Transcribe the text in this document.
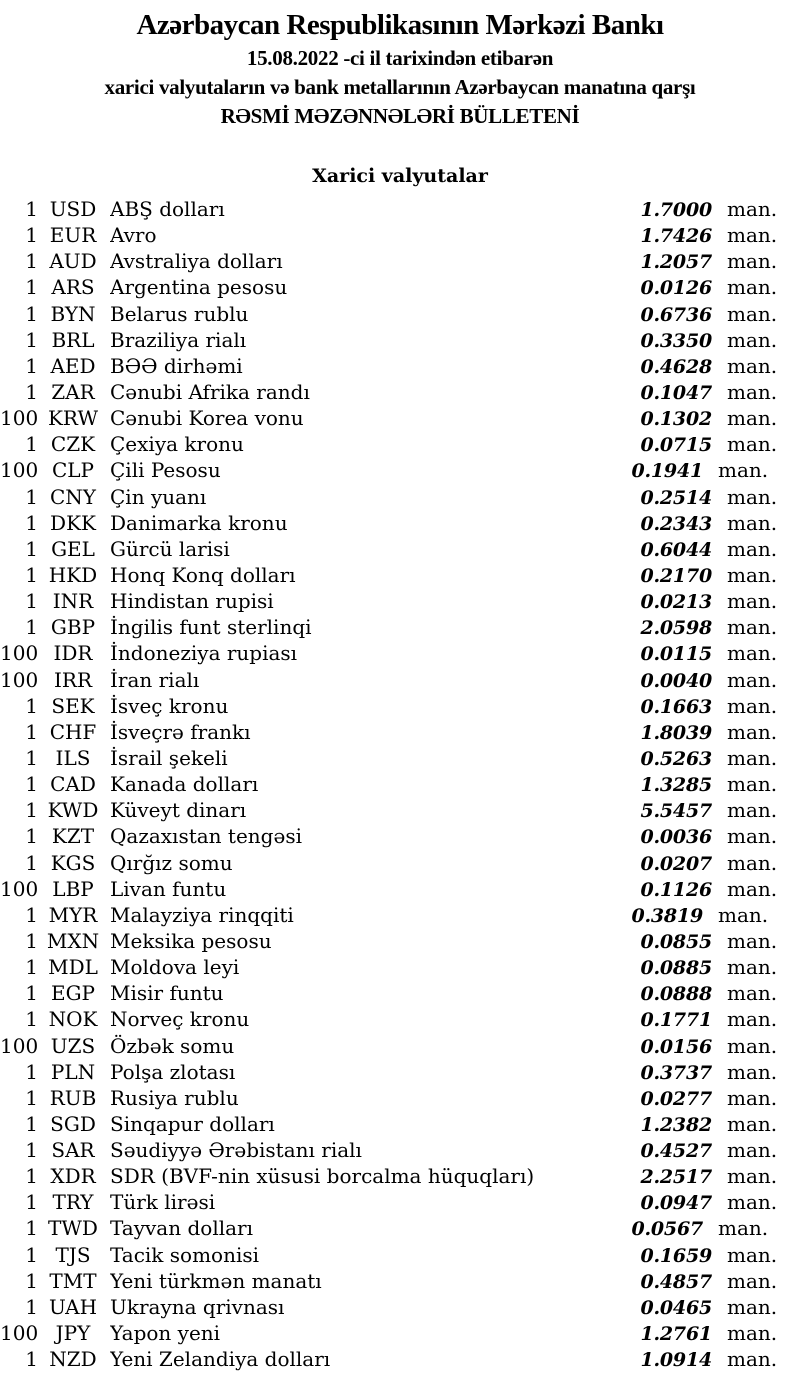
Azərbaycan Respublikasının Mərkəzi Bankı
15.08.2022 -ci il tarixindən etibarən
xarici valyutaların və bank metallarının Azərbaycan manatına qarşı
RƏSMİ MƏZƏNNƏLƏRİ BÜLLETENİ
Xarici valyutalar
1 USD ABŞ dolları	1.7000 man.
1 EUR Avro	1.7426 man.
1 AUD Avstraliya dolları	1.2057 man.
1 ARS Argentina pesosu	0.0126 man.
1 BYN Belarus rublu	0.6736 man.
1 BRL Braziliya rialı	0.3350 man.
1 AED BƏƏ dirhəmi	0.4628 man.
1 ZAR Cənubi Afrika randı	0.1047 man.
100 KRW Cənubi Korea vonu	0.1302 man.
1 CZK Çexiya kronu	0.0715 man.
100 CLP Çili Pesosu	0.1941 man.
1 CNY Çin yuanı	0.2514 man.
1 DKK Danimarka kronu	0.2343 man.
1 GEL Gürcü larisi	0.6044 man.
1 HKD Honq Konq dolları	0.2170 man.
1 INR Hindistan rupisi	0.0213 man.
1 GBP İngilis funt sterlinqi	2.0598 man.
100 IDR İndoneziya rupiası	0.0115 man.
100 IRR İran rialı	0.0040 man.
1 SEK İsveç kronu	0.1663 man.
1 CHF İsveçrə frankı	1.8039 man.
1 ILS İsrail şekeli	0.5263 man.
1 CAD Kanada dolları	1.3285 man.
1 KWD Küveyt dinarı	5.5457 man.
1 KZT Qazaxıstan tengəsi	0.0036 man.
1 KGS Qırğız somu	0.0207 man.
100 LBP Livan funtu	0.1126 man.
1 MYR Malayziya rinqqiti	0.3819 man.
1 MXN Meksika pesosu	0.0855 man.
1 MDL Moldova leyi	0.0885 man.
1 EGP Misir funtu	0.0888 man.
1 NOK Norveç kronu	0.1771 man.
100 UZS Özbək somu	0.0156 man.
1 PLN Polşa zlotası	0.3737 man.
1 RUB Rusiya rublu	0.0277 man.
1 SGD Sinqapur dolları	1.2382 man.
1 SAR Səudiyyə Ərəbistanı rialı	0.4527 man.
1 XDR SDR (BVF-nin xüsusi borcalma hüquqları)	2.2517 man.
1 TRY Türk lirəsi	0.0947 man.
1 TWD Tayvan dolları	0.0567 man.
1 TJS Tacik somonisi	0.1659 man.
1 TMT Yeni türkmən manatı	0.4857 man.
1 UAH Ukrayna qrivnası	0.0465 man.
100 JPY Yapon yeni	1.2761 man.
1 NZD Yeni Zelandiya dolları	1.0914 man.
